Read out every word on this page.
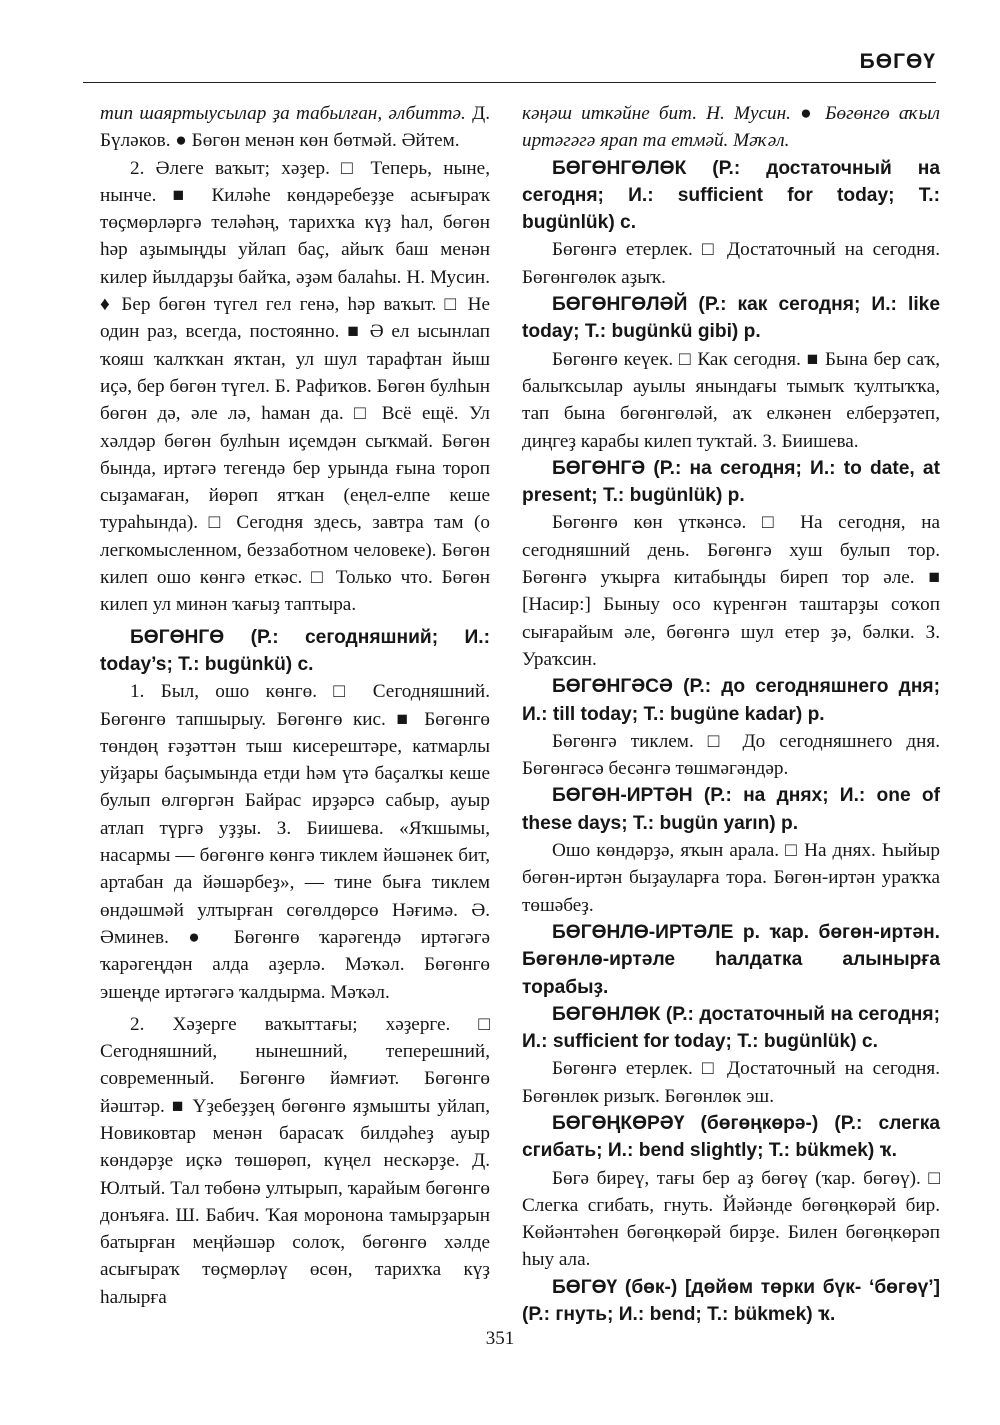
БӨГӨҮ

тип шаяртыусылар ҙа табылған, әлбиттә. Д. Бүләков. ● Бөгөн менән көн бөтмәй. Әйтем.

2. Әлеге ваҡыт; хәҙер. □ Теперь, ныне, нынче. ■ Киләһе көндәребеҙҙе асығыраҡ төҫмөрләргә теләһәң, тарихҡа күҙ һал, бөгөн һәр аҙымыңды уйлап баҫ, айыҡ баш менән килер йылдарҙы байҡа, әҙәм балаһы. Н. Мусин. ♦ Бер бөгөн түгел гел генә, һәр ваҡыт. □ Не один раз, всегда, постоянно. ■ Ә ел ысынлап ҡояш ҡалҡҡан яҡтан, ул шул тарафтан йыш иҫә, бер бөгөн түгел. Б. Рафиҡов. Бөгөн булһын бөгөн дә, әле лә, һаман да. □ Всё ещё. Ул хәлдәр бөгөн булһын иҫемдән сыҡмай. Бөгөн бында, иртәгә тегендә бер урында ғына тороп сыҙамаған, йөрөп ятҡан (еңел-елпе кеше тураһында). □ Сегодня здесь, завтра там (о легкомысленном, беззаботном человеке). Бөгөн килеп ошо көнгә еткәс. □ Только что. Бөгөн килеп ул минән ҡағыҙ таптыра.

БӨГӨНГӨ (Р.: сегодняшний; И.: today’s; Т.: bugünkü) с.

1. Был, ошо көнгө. □ Сегодняшний. Бөгөнгө тапшырыу. Бөгөнгө кис. ■ Бөгөнгө төндөң ғәҙәттән тыш кисерештәре, катмарлы уйҙары баҫымында етди һәм үтә баҫалҡы кеше булып өлгөргән Байрас ирҙәрсә сабыр, ауыр атлап түргә уҙҙы. З. Биишева. «Яҡшымы, насармы — бөгөнгө көнгә тиклем йәшәнек бит, артабан да йәшәрбеҙ», — тине быға тиклем өндәшмәй ултырған сөгөлдөрсө Нәғимә. Ә. Әминев. ● Бөгөнгө ҡарәгендә иртәгәгә ҡарәгеңдән алда аҙерлә. Мәҡәл. Бөгөнгө эшеңде иртәгәгә ҡалдырма. Мәҡәл.

2. Хәҙерге ваҡыттағы; хәҙерге. □ Сегодняшний, нынешний, теперешний, современный. Бөгөнгө йәмғиәт. Бөгөнгө йәштәр. ■ Үҙебеҙҙең бөгөнгө яҙмышты уйлап, Новиковтар менән барасаҡ билдәһеҙ ауыр көндәрҙе иҫкә төшөрөп, күңел нескәрҙе. Д. Юлтый. Тал төбөнә ултырып, ҡарайым бөгөнгө донъяға. Ш. Бабич. Ҡая моронона тамырҙарын батырған меңйәшәр солоҡ, бөгөнгө хәлде асығыраҡ төҫмөрләү өсөн, тарихҡа күҙ һалырға

кәңәш иткәйне бит. Н. Мусин. ● Бөгөнгө аҡыл иртәгәгә ярап та етмәй. Мәҡәл.

БӨГӨНГӨЛӨК (Р.: достаточный на сегодня; И.: sufficient for today; Т.: bugünlük) с.

Бөгөнгә етерлек. □ Достаточный на сегодня. Бөгөнгөлөк аҙыҡ.

БӨГӨНГӨЛӘЙ (Р.: как сегодня; И.: like today; Т.: bugünkü gibi) р.

Бөгөнгө кеүек. □ Как сегодня. ■ Бына бер саҡ, балыҡсылар ауылы янындағы тымыҡ ҡултыҡҡа, тап бына бөгөнгөләй, аҡ елкәнен елберҙәтеп, диңгеҙ карабы килеп туҡтай. З. Биишева.

БӨГӨНГӘ (Р.: на сегодня; И.: to date, at present; Т.: bugünlük) р.

Бөгөнгө көн үткәнсә. □ На сегодня, на сегодняшний день. Бөгөнгә хуш булып тор. Бөгөнгә уҡырға китабыңды биреп тор әле. ■ [Насир:] Быныу осо күренгән таштарҙы соҡоп сығарайым әле, бөгөнгә шул етер ҙә, бәлки. З. Ураҡсин.

БӨГӨНГӘСӘ (Р.: до сегодняшнего дня; И.: till today; Т.: bugüne kadar) р.

Бөгөнгә тиклем. □ До сегодняшнего дня. Бөгөнгәсә бесәнгә төшмәгәндәр.

БӨГӨН-ИРТӘН (Р.: на днях; И.: one of these days; Т.: bugün yarın) р.

Ошо көндәрҙә, яҡын арала. □ На днях. Һыйыр бөгөн-иртән быҙауларға тора. Бөгөн-иртән ураҡҡа төшәбеҙ.

БӨГӨНЛӨ-ИРТӘЛЕ р. ҡар. бөгөн-иртән. Бөгөнлө-иртәле һалдатка алынырға торабыҙ.

БӨГӨНЛӨК (Р.: достаточный на сегодня; И.: sufficient for today; Т.: bugünlük) с.

Бөгөнгә етерлек. □ Достаточный на сегодня. Бөгөнлөк ризыҡ. Бөгөнлөк эш.

БӨГӨҢКӨРӘҮ (бөгөңкөрә-) (Р.: слегка сгибать; И.: bend slightly; Т.: bükmek) ҡ.

Бөгә биреү, тағы бер аҙ бөгөү (ҡар. бөгөү). □ Слегка сгибать, гнуть. Йәйәнде бөгөңкөрәй бир. Көйәнтәһен бөгөңкөрәй бирҙе. Билен бөгөңкөрәп һыу ала.

БӨГӨҮ (бөк-) [дөйөм төрки бүк- ‘бөгөү’] (Р.: гнуть; И.: bend; Т.: bükmek) ҡ.

351
